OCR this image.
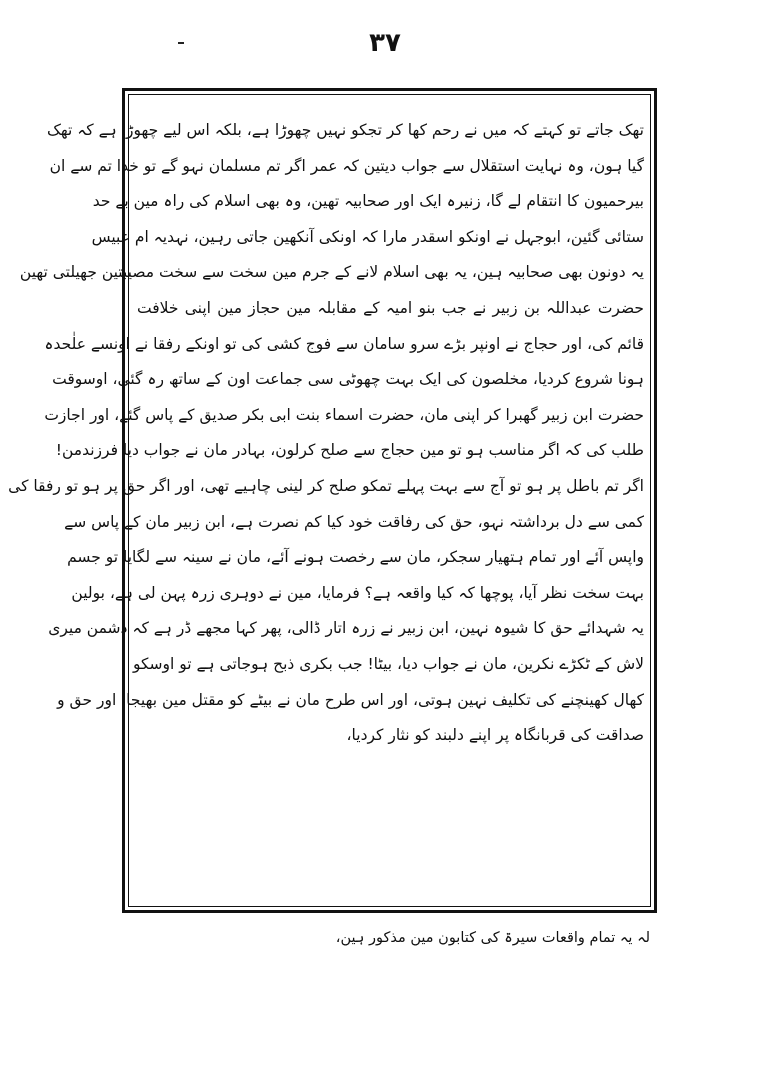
۳۷
تھک جاتے تو کہتے کہ میں نے رحم کھا کر تجکو نہیں چھوڑا ہے، بلکہ اس لیے چھوڑا ہے کہ تھک
گیا ہون، وہ نہایت استقلال سے جواب دیتین کہ عمر اگر تم مسلمان نہو گے تو خدا تم سے ان
بیرحمیون کا انتقام لے گا، زنیرہ ایک اور صحابیہ تھین، وہ بھی اسلام کی راہ مین بے حد
ستائی گئین، ابوجہل نے اونکو اسقدر مارا کہ اونکی آنکھین جاتی رہین، نہدیہ ام عبیس
یہ دونون بھی صحابیہ ہین، یہ بھی اسلام لانے کے جرم مین سخت سے سخت مصیبتین جھیلتی تھین
حضرت عبداللہ بن زبیر نے جب بنو امیہ کے مقابلہ مین حجاز مین اپنی خلافت
قائم کی، اور حجاج نے اونپر بڑے سرو سامان سے فوج کشی کی تو اونکے رفقا نے اونسے علٰحدہ
ہونا شروع کردیا، مخلصون کی ایک بہت چھوٹی سی جماعت اون کے ساتھ رہ گئی، اوسوقت
حضرت ابن زبیر گھبرا کر اپنی مان، حضرت اسماء بنت ابی بکر صدیق کے پاس گئے، اور اجازت
طلب کی کہ اگر مناسب ہو تو مین حجاج سے صلح کرلون، بہادر مان نے جواب دیا فرزندمن!
اگر تم باطل پر ہو تو آج سے بہت پہلے تمکو صلح کر لینی چاہیے تھی، اور اگر حق پر ہو تو رفقا کی
کمی سے دل برداشتہ نہو، حق کی رفاقت خود کیا کم نصرت ہے، ابن زبیر مان کے پاس سے
واپس آئے اور تمام ہتھیار سجکر، مان سے رخصت ہونے آئے، مان نے سینہ سے لگایا تو جسم
بہت سخت نظر آیا، پوچھا کہ کیا واقعہ ہے؟ فرمایا، مین نے دوہری زرہ پہن لی ہے، بولین
یہ شہدائے حق کا شیوہ نہین، ابن زبیر نے زرہ اتار ڈالی، پھر کہا مجھے ڈر ہے کہ دشمن میری
لاش کے ٹکڑے نکرین، مان نے جواب دیا، بیٹا! جب بکری ذبح ہوجاتی ہے تو اوسکو
کھال کھینچنے کی تکلیف نہین ہوتی، اور اس طرح مان نے بیٹے کو مقتل مین بھیجا، اور حق و
صداقت کی قربانگاہ پر اپنے دلبند کو نثار کردیا،
لہ یہ تمام واقعات سیرۃ کی کتابون مین مذکور ہین،
